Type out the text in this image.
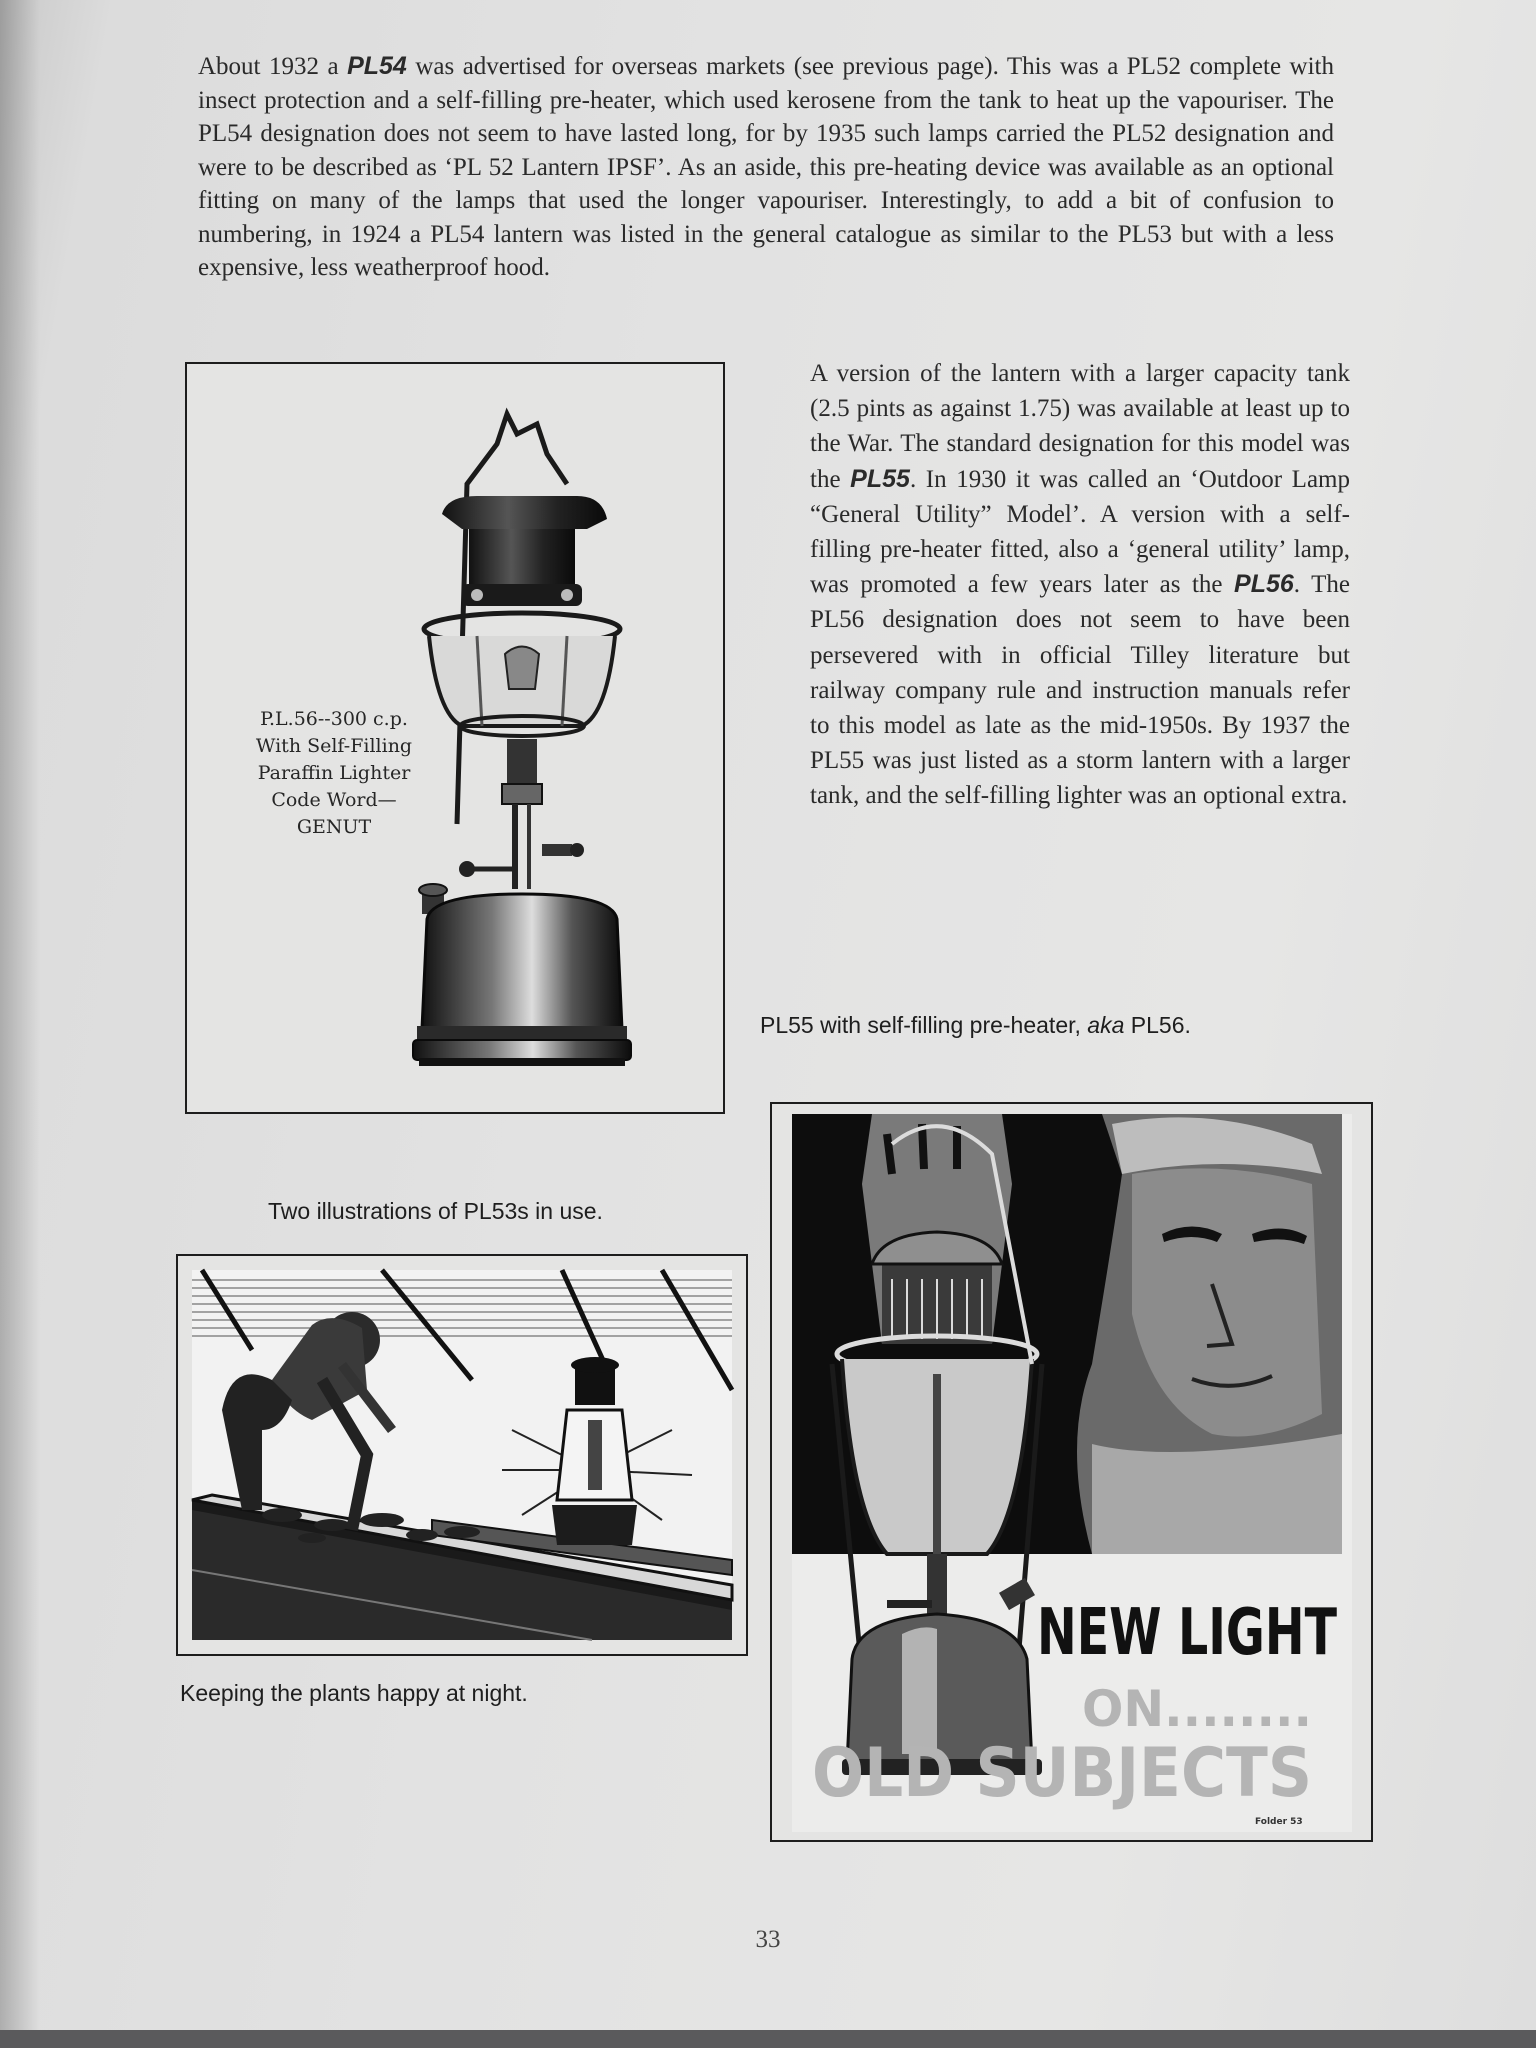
About 1932 a PL54 was advertised for overseas markets (see previous page). This was a PL52 complete with insect protection and a self-filling pre-heater, which used kerosene from the tank to heat up the vapouriser. The PL54 designation does not seem to have lasted long, for by 1935 such lamps carried the PL52 designation and were to be described as ‘PL 52 Lantern IPSF’. As an aside, this pre-heating device was available as an optional fitting on many of the lamps that used the longer vapouriser. Interestingly, to add a bit of confusion to numbering, in 1924 a PL54 lantern was listed in the general catalogue as similar to the PL53 but with a less expensive, less weatherproof hood.

P.L.56--300 c.p.
With Self-Filling
Paraffin Lighter
Code Word—
GENUT

A version of the lantern with a larger capacity tank (2.5 pints as against 1.75) was available at least up to the War. The standard designation for this model was the PL55. In 1930 it was called an ‘Outdoor Lamp “General Utility” Model’. A version with a self-filling pre-heater fitted, also a ‘general utility’ lamp, was promoted a few years later as the PL56. The PL56 designation does not seem to have been persevered with in official Tilley literature but railway company rule and instruction manuals refer to this model as late as the mid-1950s. By 1937 the PL55 was just listed as a storm lantern with a larger tank, and the self-filling lighter was an optional extra.

PL55 with self-filling pre-heater, aka PL56.
Two illustrations of PL53s in use.
Keeping the plants happy at night.
NEW LIGHT
ON........
OLD SUBJECTS
Folder 53
33
